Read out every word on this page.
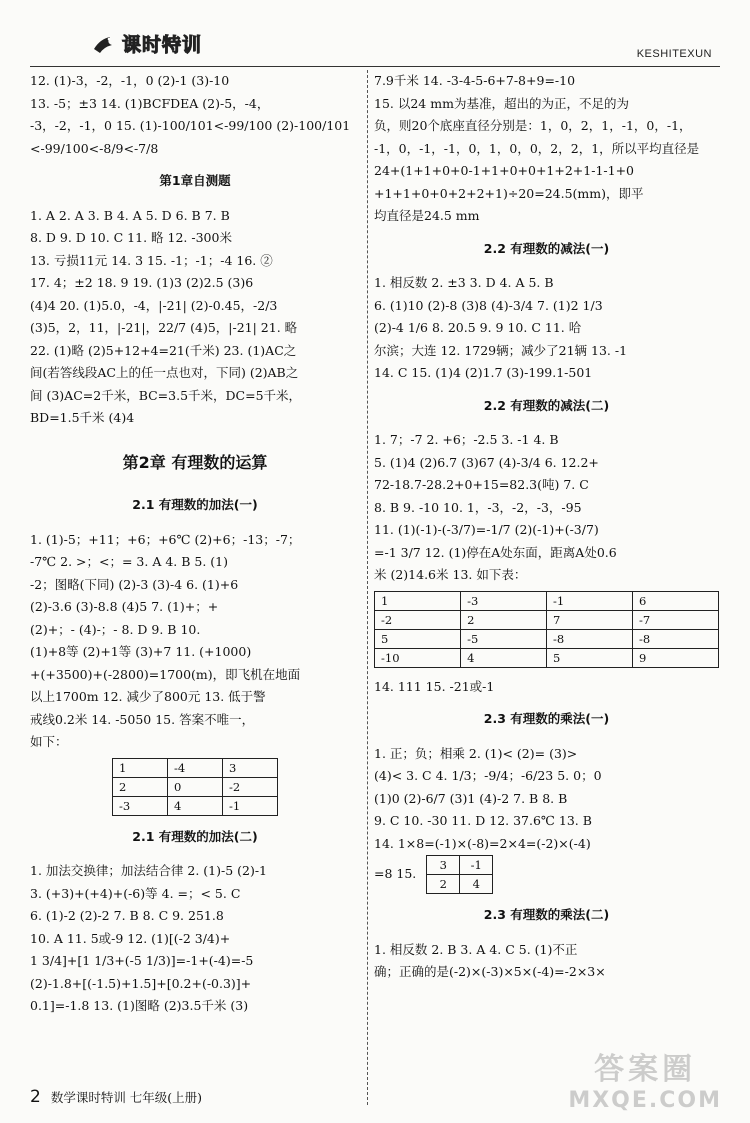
课时特训	KESHITEXUN
12. (1)-3，-2，-1，0 (2)-1 (3)-10
13. -5；±3 14. (1)BCFDEA (2)-5，-4，
-3，-2，-1，0 15. (1)-100/101<-99/100 (2)-100/101
<-99/100<-8/9<-7/8
第1章自测题
1. A 2. A 3. B 4. A 5. D 6. B 7. B
8. D 9. D 10. C 11. 略 12. -300米
13. 亏损11元 14. 3 15. -1；-1；-4 16. ②
17. 4；±2 18. 9 19. (1)3 (2)2.5 (3)6
(4)4 20. (1)5.0，-4，|-21| (2)-0.45，-2/3
(3)5，2，11，|-21|，22/7 (4)5，|-21| 21. 略
22. (1)略 (2)5+12+4=21(千米) 23. (1)AC之
间(若答线段AC上的任一点也对，下同) (2)AB之
间 (3)AC=2千米，BC=3.5千米，DC=5千米，
BD=1.5千米 (4)4
第2章 有理数的运算
2.1 有理数的加法(一)
1. (1)-5；+11；+6；+6℃ (2)+6；-13；-7；
-7℃ 2. >；<；= 3. A 4. B 5. (1)
-2；图略(下同) (2)-3 (3)-4 6. (1)+6
(2)-3.6 (3)-8.8 (4)5 7. (1)+；+
(2)+；- (4)-；- 8. D 9. B 10.
(1)+8等 (2)+1等 (3)+7 11. (+1000)
+(+3500)+(-2800)=1700(m)，即飞机在地面
以上1700m 12. 减少了800元 13. 低于警
戒线0.2米 14. -5050 15. 答案不唯一，
如下：
1	-4	3
2	0	-2
-3	4	-1
2.1 有理数的加法(二)
1. 加法交换律；加法结合律 2. (1)-5 (2)-1
3. (+3)+(+4)+(-6)等 4. =；< 5. C
6. (1)-2 (2)-2 7. B 8. C 9. 251.8
10. A 11. 5或-9 12. (1)[(-2 3/4)+
1 3/4]+[1 1/3+(-5 1/3)]=-1+(-4)=-5
(2)-1.8+[(-1.5)+1.5]+[0.2+(-0.3)]+
0.1]=-1.8 13. (1)图略 (2)3.5千米 (3)
7.9千米 14. -3-4-5-6+7-8+9=-10
15. 以24 mm为基准，超出的为正，不足的为
负，则20个底座直径分别是：1，0，2，1，-1，0，-1，
-1，0，-1，-1，0，1，0，0，2，2，1，所以平均直径是
24+(1+1+0+0-1+1+0+0+1+2+1-1-1+0
+1+1+0+0+2+2+1)÷20=24.5(mm)，即平
均直径是24.5 mm
2.2 有理数的减法(一)
1. 相反数 2. ±3 3. D 4. A 5. B
6. (1)10 (2)-8 (3)8 (4)-3/4 7. (1)2 1/3
(2)-4 1/6 8. 20.5 9. 9 10. C 11. 哈
尔滨；大连 12. 1729辆；减少了21辆 13. -1
14. C 15. (1)4 (2)1.7 (3)-199.1-501
2.2 有理数的减法(二)
1. 7；-7 2. +6；-2.5 3. -1 4. B
5. (1)4 (2)6.7 (3)67 (4)-3/4 6. 12.2+
72-18.7-28.2+0+15=82.3(吨) 7. C
8. B 9. -10 10. 1，-3，-2，-3，-95
11. (1)(-1)-(-3/7)=-1/7 (2)(-1)+(-3/7)
=-1 3/7 12. (1)停在A处东面，距离A处0.6
米 (2)14.6米 13. 如下表：
1	-3	-1	6
-2	2	7	-7
5	-5	-8	-8
-10	4	5	9
14. 111 15. -21或-1
2.3 有理数的乘法(一)
1. 正；负；相乘 2. (1)< (2)= (3)>
(4)< 3. C 4. 1/3；-9/4；-6/23 5. 0；0
(1)0 (2)-6/7 (3)1 (4)-2 7. B 8. B
9. C 10. -30 11. D 12. 37.6℃ 13. B
14. 1×8=(-1)×(-8)=2×4=(-2)×(-4)
=8 15.
3	-1
2	4
2.3 有理数的乘法(二)
1. 相反数 2. B 3. A 4. C 5. (1)不正
确；正确的是(-2)×(-3)×5×(-4)=-2×3×
2 数学课时特训 七年级(上册)
答案圈
MXQE.COM
